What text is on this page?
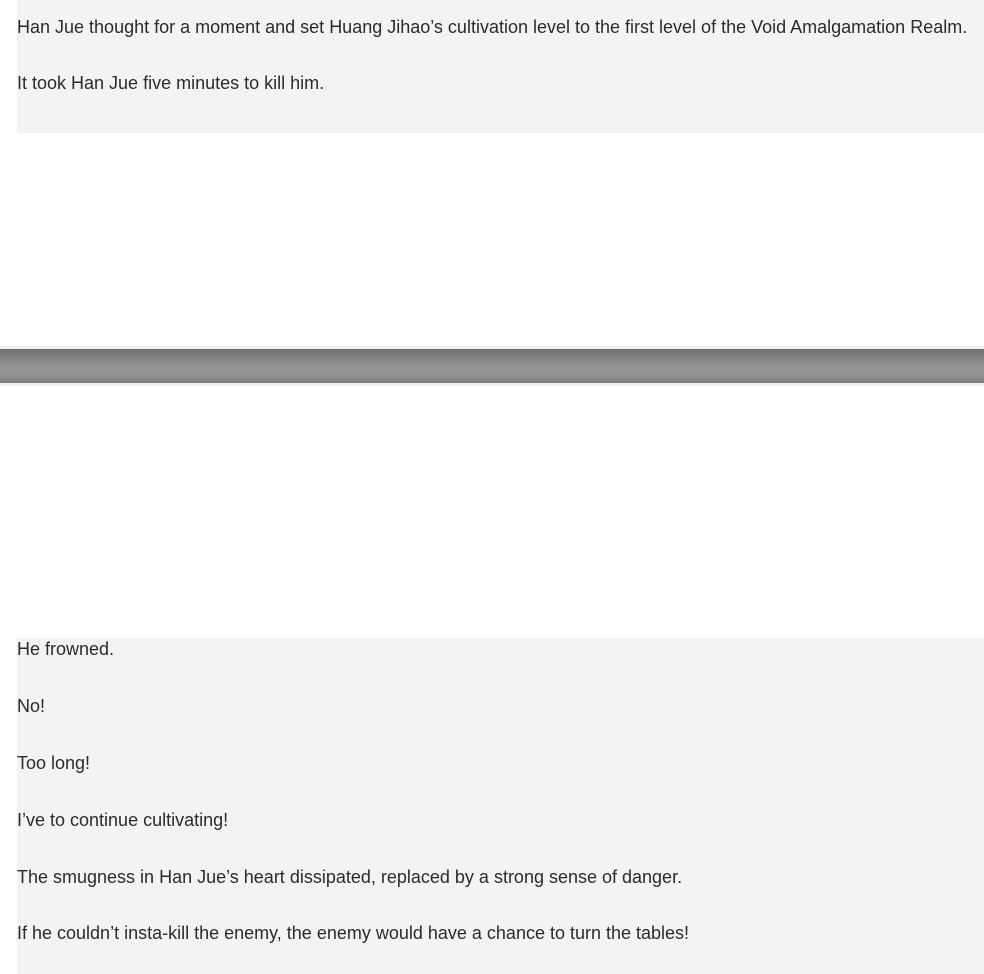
Han Jue thought for a moment and set Huang Jihao’s cultivation level to the first level of the Void Amalgamation Realm.

It took Han Jue five minutes to kill him.

He frowned.

No!

Too long!

I’ve to continue cultivating!

The smugness in Han Jue’s heart dissipated, replaced by a strong sense of danger.

If he couldn’t insta-kill the enemy, the enemy would have a chance to turn the tables!
